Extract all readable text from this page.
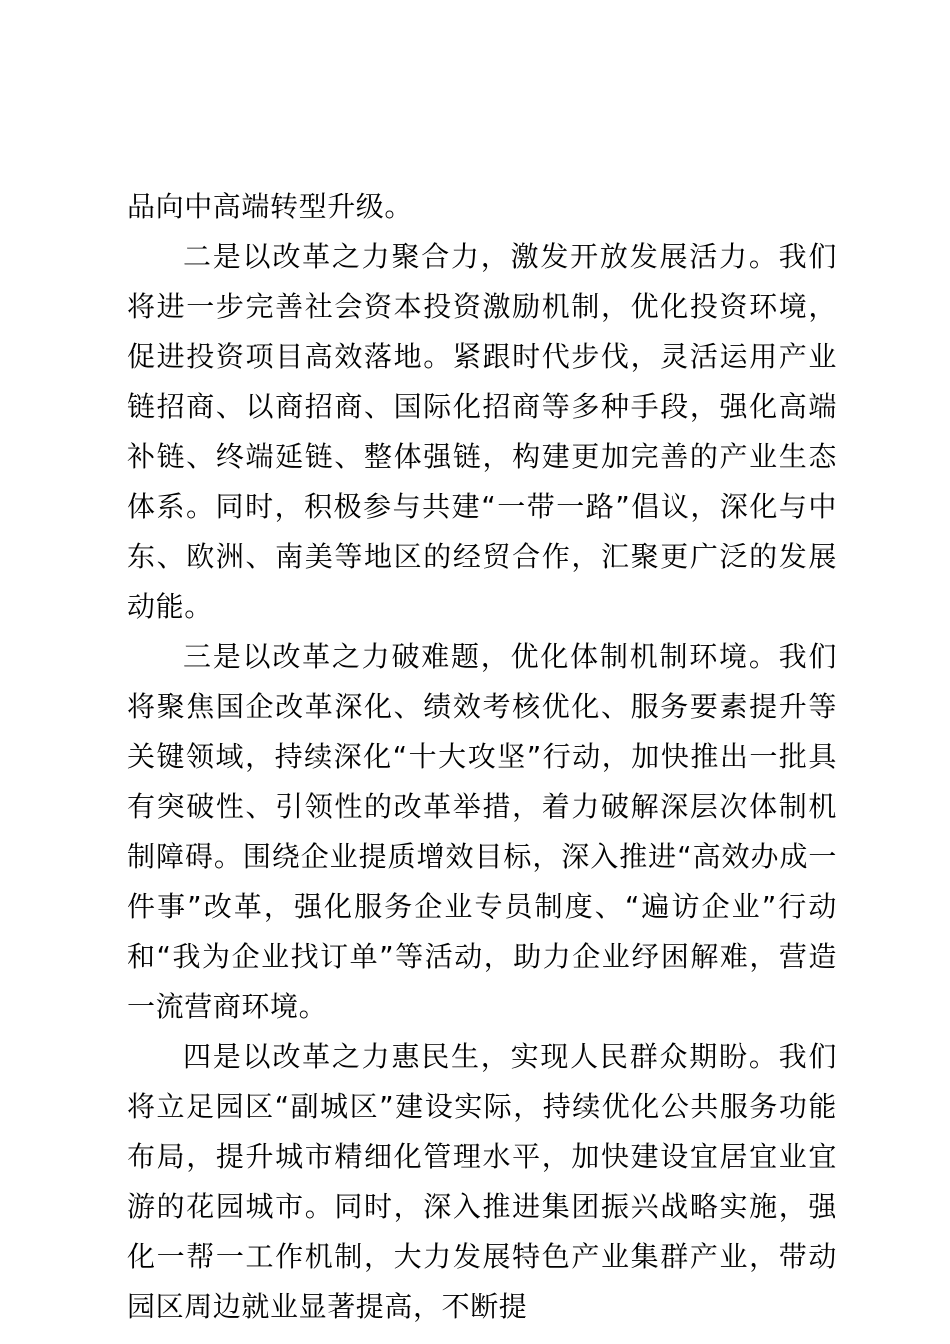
品向中高端转型升级。

二是以改革之力聚合力，激发开放发展活力。我们将进一步完善社会资本投资激励机制，优化投资环境，促进投资项目高效落地。紧跟时代步伐，灵活运用产业链招商、以商招商、国际化招商等多种手段，强化高端补链、终端延链、整体强链，构建更加完善的产业生态体系。同时，积极参与共建“一带一路”倡议，深化与中东、欧洲、南美等地区的经贸合作，汇聚更广泛的发展动能。

三是以改革之力破难题，优化体制机制环境。我们将聚焦国企改革深化、绩效考核优化、服务要素提升等关键领域，持续深化“十大攻坚”行动，加快推出一批具有突破性、引领性的改革举措，着力破解深层次体制机制障碍。围绕企业提质增效目标，深入推进“高效办成一件事”改革，强化服务企业专员制度、“遍访企业”行动和“我为企业找订单”等活动，助力企业纾困解难，营造一流营商环境。

四是以改革之力惠民生，实现人民群众期盼。我们将立足园区“副城区”建设实际，持续优化公共服务功能布局，提升城市精细化管理水平，加快建设宜居宜业宜游的花园城市。同时，深入推进集团振兴战略实施，强化一帮一工作机制，大力发展特色产业集群产业，带动园区周边就业显著提高，不断提
